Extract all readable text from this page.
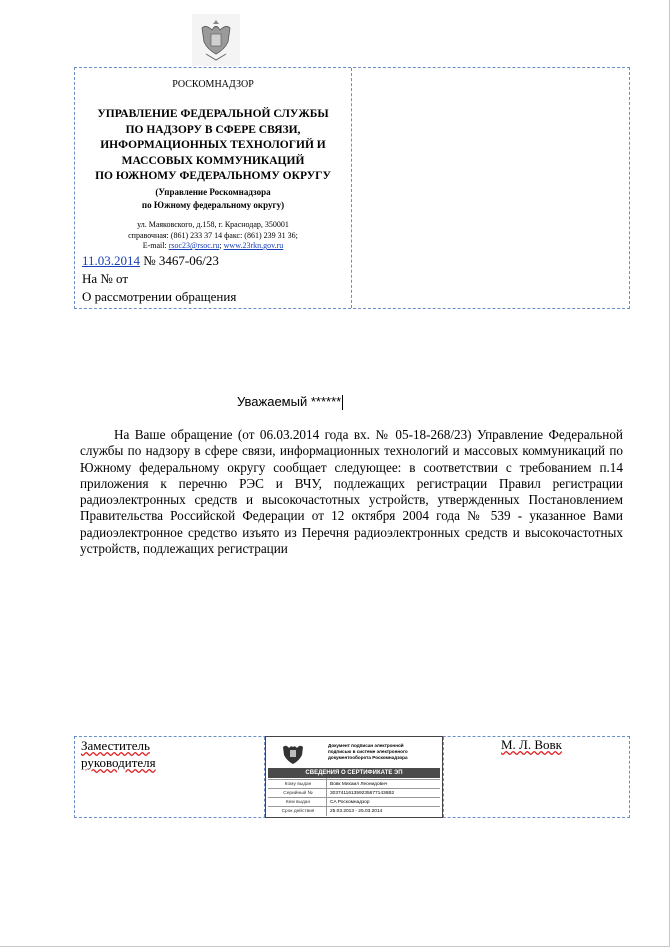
РОСКОМНАДЗОР
УПРАВЛЕНИЕ ФЕДЕРАЛЬНОЙ СЛУЖБЫ
ПО НАДЗОРУ В СФЕРЕ СВЯЗИ,
ИНФОРМАЦИОННЫХ ТЕХНОЛОГИЙ И
МАССОВЫХ КОММУНИКАЦИЙ
ПО ЮЖНОМУ ФЕДЕРАЛЬНОМУ ОКРУГУ
(Управление Роскомнадзора
по Южному федеральному округу)
ул. Маяковского, д.158, г. Краснодар, 350001
справочная: (861) 233 37 14 факс: (861) 239 31 36;
E-mail: rsoc23@rsoc.ru; www.23rkn.gov.ru
11.03.2014 № 3467-06/23
На № от
О рассмотрении обращения
Уважаемый ******
На Ваше обращение (от 06.03.2014 года вх. № 05-18-268/23) Управление Федеральной службы по надзору в сфере связи, информационных технологий и массовых коммуникаций по Южному федеральному округу сообщает следующее: в соответствии с требованием п.14 приложения к перечню РЭС и ВЧУ, подлежащих регистрации Правил регистрации радиоэлектронных средств и высокочастотных устройств, утвержденных Постановлением Правительства Российской Федерации от 12 октября 2004 года № 539 - указанное Вами радиоэлектронное средство изъято из Перечня радиоэлектронных средств и высокочастотных устройств, подлежащих регистрации
Заместитель
руководителя
М. Л. Вовк
Документ подписан электронной
подписью в системе электронного
документооборота Роскомнадзора
СВЕДЕНИЯ О СЕРТИФИКАТЕ ЭП
Кому выдан	Вовк Михаил Леонидович
Серийный №	3037411613592356771436B2
Кем выдан	CA Роскомнадзор
Срок действия	25.03.2013 - 25.03.2014
